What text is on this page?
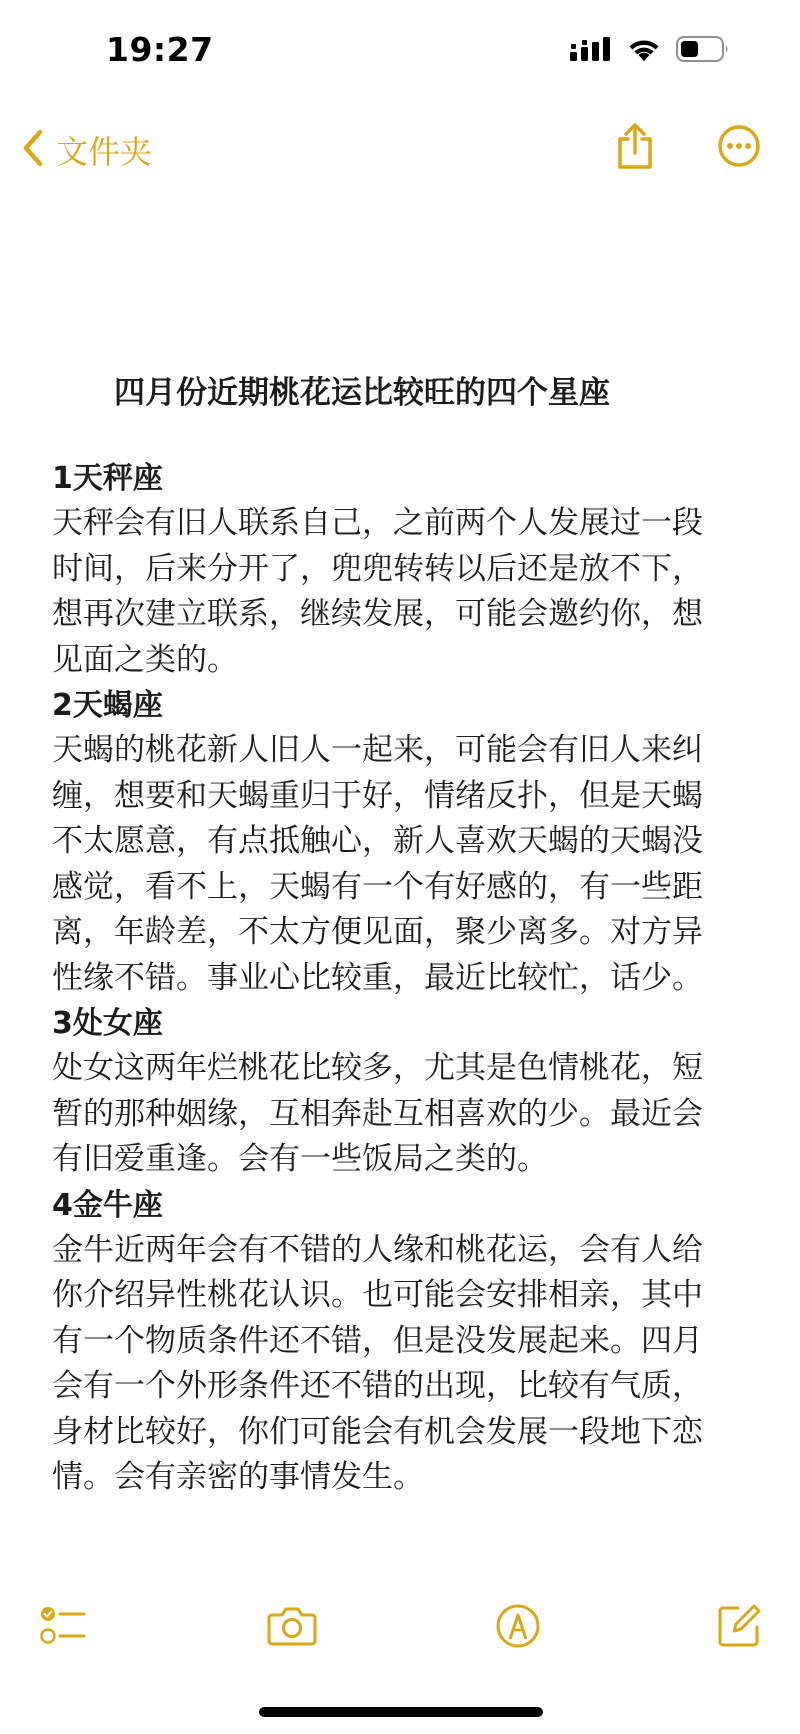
19:27
文件夹
四月份近期桃花运比较旺的四个星座
1天秤座
天秤会有旧人联系自己，之前两个人发展过一段
时间，后来分开了，兜兜转转以后还是放不下，
想再次建立联系，继续发展，可能会邀约你，想
见面之类的。
2天蝎座
天蝎的桃花新人旧人一起来，可能会有旧人来纠
缠，想要和天蝎重归于好，情绪反扑，但是天蝎
不太愿意，有点抵触心，新人喜欢天蝎的天蝎没
感觉，看不上，天蝎有一个有好感的，有一些距
离，年龄差，不太方便见面，聚少离多。对方异
性缘不错。事业心比较重，最近比较忙，话少。
3处女座
处女这两年烂桃花比较多，尤其是色情桃花，短
暂的那种姻缘，互相奔赴互相喜欢的少。最近会
有旧爱重逢。会有一些饭局之类的。
4金牛座
金牛近两年会有不错的人缘和桃花运，会有人给
你介绍异性桃花认识。也可能会安排相亲，其中
有一个物质条件还不错，但是没发展起来。四月
会有一个外形条件还不错的出现，比较有气质，
身材比较好，你们可能会有机会发展一段地下恋
情。会有亲密的事情发生。
